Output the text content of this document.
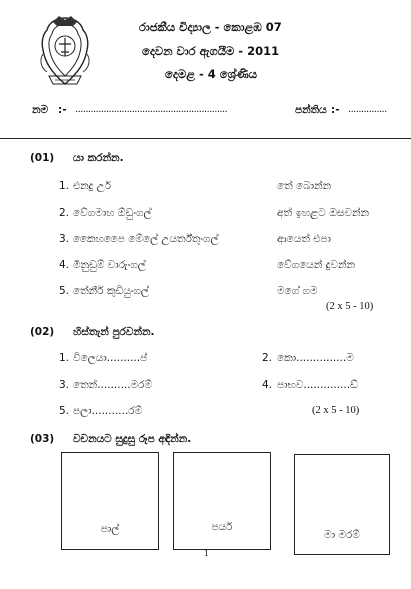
රාජකීය විද්‍යාල - කොළඹ 07
දෙවන වාර ඇගයීම - 2011
දෙමළ - 4 ශ්‍රේණිය
නම :- ...........................................................	පන්තිය :- ...............
(01) යා කරන්න.
1. එනදු උ‍ර්	තේ බොන්න
2. වේගමාහ ඕඩුංගල්	අත් ඉහළට ඔසවන්න
3. කෛහපෛ මේලේ උයර්ත්තුංගල්	ආයෙත් එපා
4. මීනුඩුම් වාරුංගල්	වේගයෙන් දුවන්න
5. තේනීර් කුඩියුංගල්	මගේ ගම
(2 x 5 - 10)
(02) හිස්තැන් පුරවන්න.
1. විලෙයා..........ප්	2. කො...............ම
3. තෙන්..........මරම්	4. පාභව..............ඩ්
5. පලා...........රම්	(2 x 5 - 10)
(03) වචනයට සුදුසු රූප අඳින්න.
පාල්	පයර්
මා මරම්
1
